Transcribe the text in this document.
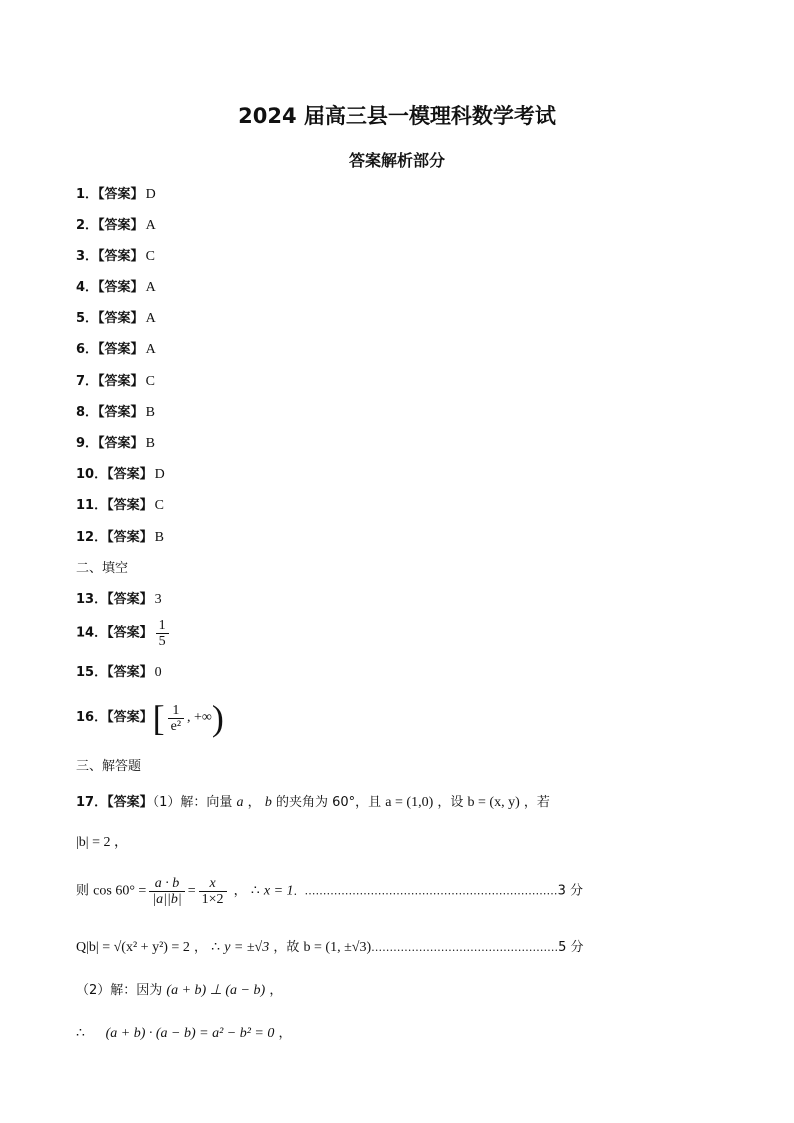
2024 届高三县一模理科数学考试
答案解析部分
1．【答案】 D
2．【答案】 A
3．【答案】 C
4．【答案】 A
5．【答案】 A
6．【答案】 A
7．【答案】 C
8．【答案】 B
9．【答案】 B
10．【答案】 D
11．【答案】 C
12．【答案】 B
二、填空
13．【答案】 3
14．【答案】 $\frac{1}{5}$
15．【答案】 0
16．【答案】[ $\frac{1}{\text{e²}}$ , +∞)
三、解答题
17．【答案】（1）解：向量 a ， b 的夹角为 60°，且 a = (1,0) ，设 b = (x, y) ，若
|b| = 2 ，
则 $\cos 60^\circ = \frac{a \cdot b}{|a||b|} = \frac{x}{1\times 2}$ ， ∴ x = 1．……………………………………………………………3 分
Q|b| = √(x² + y²) = 2 ， ∴ y = ±√3 ，故 b = (1, ±√3)……………………………………………5 分
（2）解：因为 (a + b) ⊥ (a − b) ，
∴ (a + b) · (a − b) = a² − b² = 0 ，
